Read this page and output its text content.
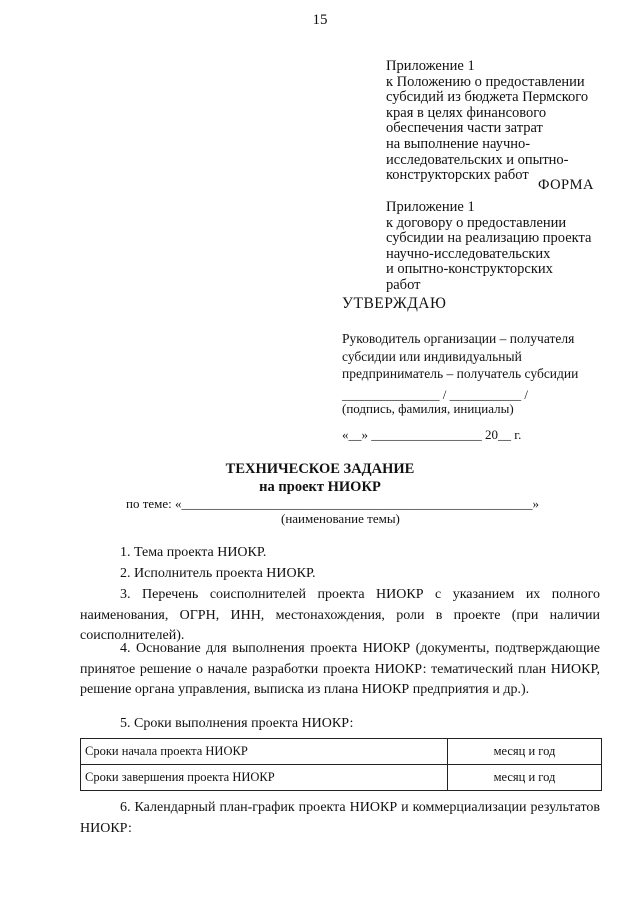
15
Приложение 1
к Положению о предоставлении
субсидий из бюджета Пермского
края в целях финансового
обеспечения части затрат
на выполнение научно-
исследовательских и опытно-
конструкторских работ
ФОРМА
Приложение 1
к договору о предоставлении
субсидии на реализацию проекта
научно-исследовательских
и опытно-конструкторских
работ
УТВЕРЖДАЮ
Руководитель организации – получателя
субсидии или индивидуальный
предприниматель – получатель субсидии
_______________ / ___________ /
(подпись, фамилия, инициалы)
«__» _________________ 20__ г.
ТЕХНИЧЕСКОЕ ЗАДАНИЕ
на проект НИОКР
по теме: «______________________________________________________»
(наименование темы)
1. Тема проекта НИОКР.
2. Исполнитель проекта НИОКР.
3. Перечень соисполнителей проекта НИОКР с указанием их полного наименования, ОГРН, ИНН, местонахождения, роли в проекте (при наличии соисполнителей).
4. Основание для выполнения проекта НИОКР (документы, подтверждающие принятое решение о начале разработки проекта НИОКР: тематический план НИОКР, решение органа управления, выписка из плана НИОКР предприятия и др.).
5. Сроки выполнения проекта НИОКР:
Сроки начала проекта НИОКР	месяц и год
Сроки завершения проекта НИОКР	месяц и год
6. Календарный план-график проекта НИОКР и коммерциализации результатов НИОКР:
